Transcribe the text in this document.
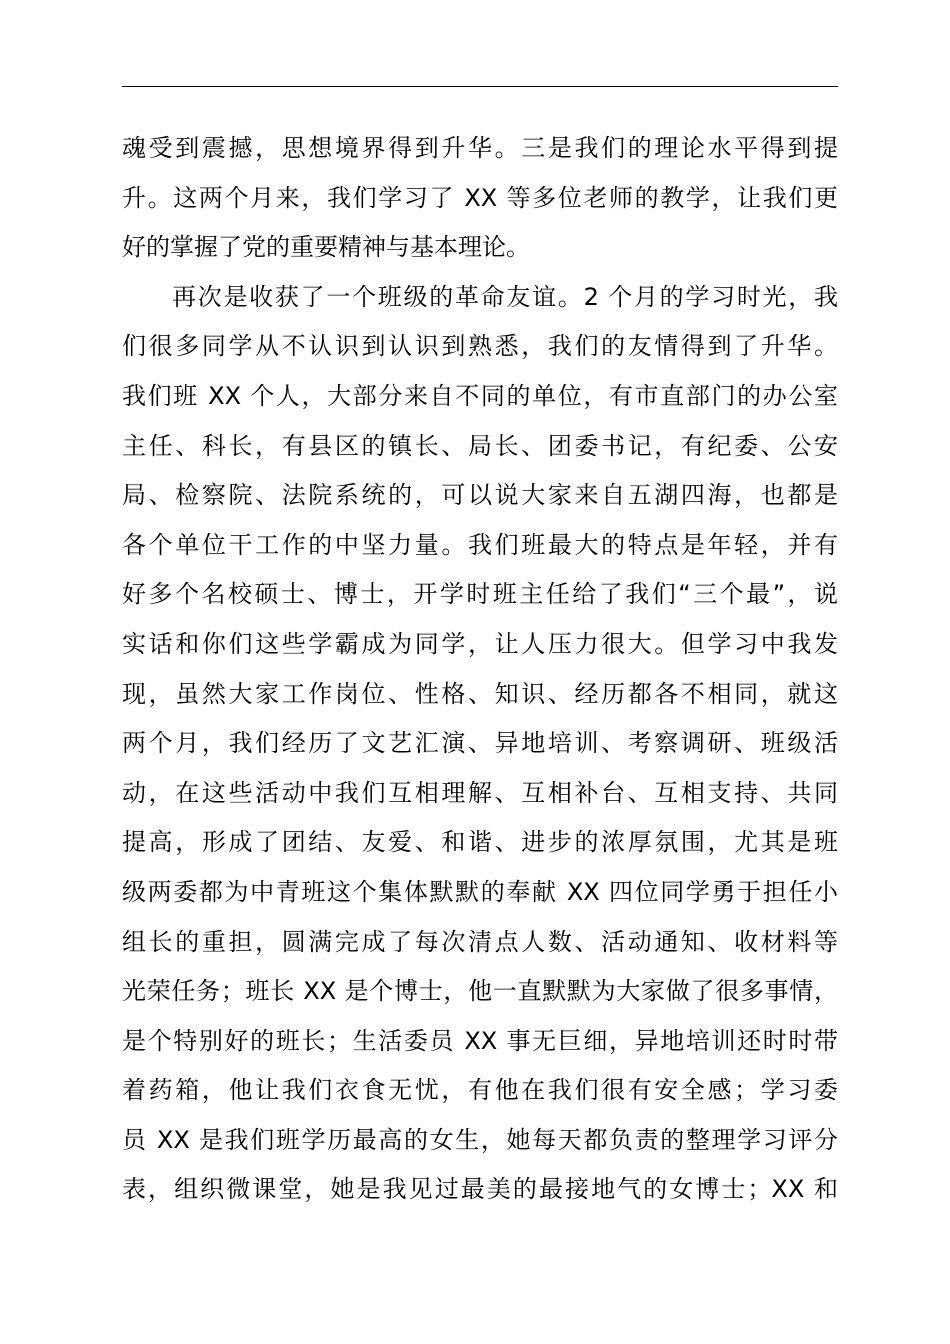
魂受到震撼，思想境界得到升华。三是我们的理论水平得到提
升。这两个月来，我们学习了 XX 等多位老师的教学，让我们更
好的掌握了党的重要精神与基本理论。
再次是收获了一个班级的革命友谊。2 个月的学习时光，我
们很多同学从不认识到认识到熟悉，我们的友情得到了升华。
我们班 XX 个人，大部分来自不同的单位，有市直部门的办公室
主任、科长，有县区的镇长、局长、团委书记，有纪委、公安
局、检察院、法院系统的，可以说大家来自五湖四海，也都是
各个单位干工作的中坚力量。我们班最大的特点是年轻，并有
好多个名校硕士、博士，开学时班主任给了我们“三个最”，说
实话和你们这些学霸成为同学，让人压力很大。但学习中我发
现，虽然大家工作岗位、性格、知识、经历都各不相同，就这
两个月，我们经历了文艺汇演、异地培训、考察调研、班级活
动，在这些活动中我们互相理解、互相补台、互相支持、共同
提高，形成了团结、友爱、和谐、进步的浓厚氛围，尤其是班
级两委都为中青班这个集体默默的奉献 XX 四位同学勇于担任小
组长的重担，圆满完成了每次清点人数、活动通知、收材料等
光荣任务；班长 XX 是个博士，他一直默默为大家做了很多事情，
是个特别好的班长；生活委员 XX 事无巨细，异地培训还时时带
着药箱，他让我们衣食无忧，有他在我们很有安全感；学习委
员 XX 是我们班学历最高的女生，她每天都负责的整理学习评分
表，组织微课堂，她是我见过最美的最接地气的女博士；XX 和
